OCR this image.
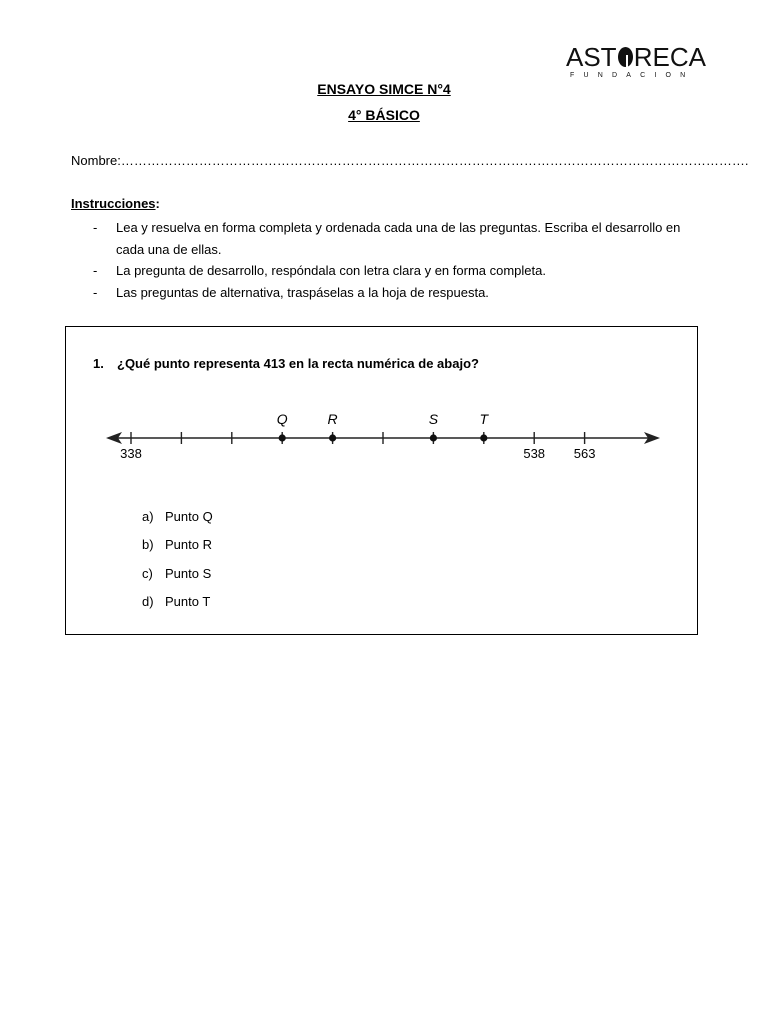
AST RECA
FUNDACION
ENSAYO SIMCE N°4
4° BÁSICO
Nombre:……………………………………………………………………………………………………………………………….
Instrucciones:
-	Lea y resuelva en forma completa y ordenada cada una de las preguntas. Escriba el desarrollo en cada una de ellas.
-	La pregunta de desarrollo, respóndala con letra clara y en forma completa.
-	Las preguntas de alternativa, traspáselas a la hoja de respuesta.
1. ¿Qué punto representa 413 en la recta numérica de abajo?
338	538 563
Q	R	S	T
a) Punto Q
b) Punto R
c) Punto S
d) Punto T
